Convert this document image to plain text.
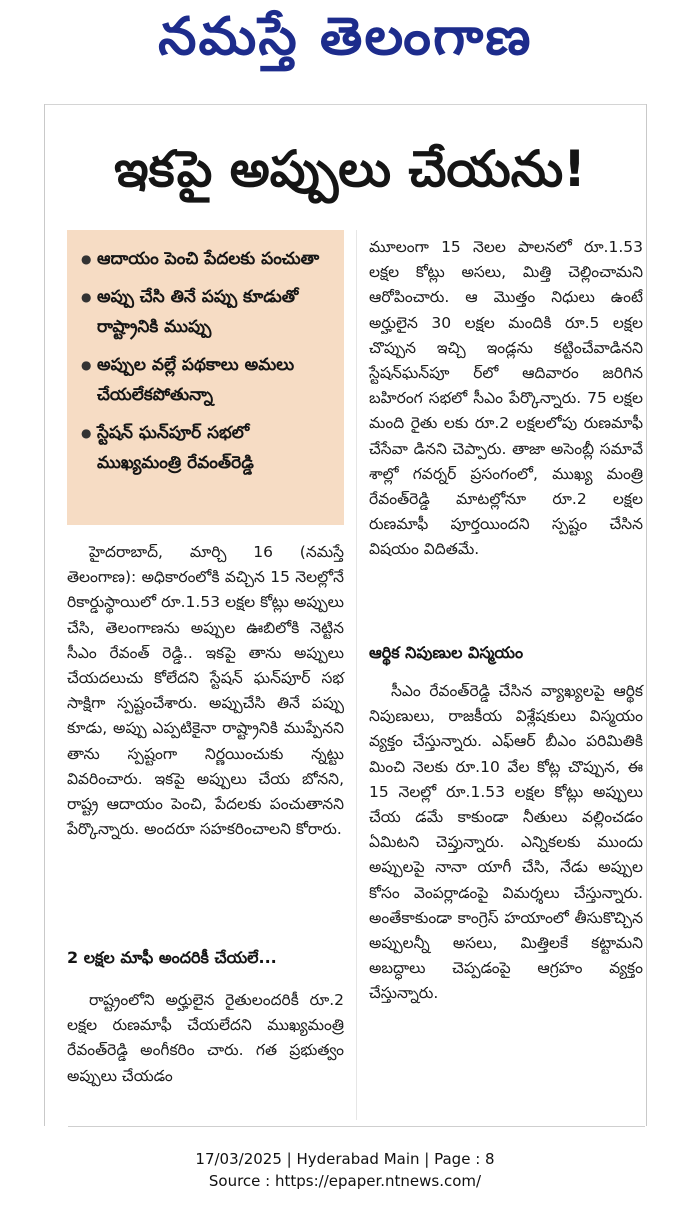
నమస్తే తెలంగాణ
ఇకపై అప్పులు చేయను!
● ఆదాయం పెంచి పేదలకు పంచుతా
● అప్పు చేసి తినే పప్పు కూడుతో రాష్ట్రానికి ముప్పు
● అప్పుల వల్లే పథకాలు అమలు చేయలేకపోతున్నా
● స్టేషన్ ఘన్‌పూర్ సభలో ముఖ్యమంత్రి రేవంత్‌రెడ్డి

హైదరాబాద్, మార్చి 16 (నమస్తే తెలంగాణ): అధికారంలోకి వచ్చిన 15 నెలల్లోనే రికార్డుస్థాయిలో రూ.1.53 లక్షల కోట్లు అప్పులు చేసి, తెలంగాణను అప్పుల ఊబిలోకి నెట్టిన సీఎం రేవంత్ రెడ్డి.. ఇకపై తాను అప్పులు చేయదలుచు కోలేదని స్టేషన్ ఘన్‌పూర్ సభ సాక్షిగా స్పష్టంచేశారు. అప్పుచేసి తినే పప్పు కూడు, అప్పు ఎప్పటికైనా రాష్ట్రానికి ముప్పేనని తాను స్పష్టంగా నిర్ణయించుకు న్నట్టు వివరించారు. ఇకపై అప్పులు చేయ బోనని, రాష్ట్ర ఆదాయం పెంచి, పేదలకు పంచుతానని పేర్కొన్నారు. అందరూ సహకరించాలని కోరారు.

2 లక్షల మాఫీ అందరికీ చేయలే...

రాష్ట్రంలోని అర్హులైన రైతులందరికీ రూ.2 లక్షల రుణమాఫీ చేయలేదని ముఖ్యమంత్రి రేవంత్‌రెడ్డి అంగీకరిం చారు. గత ప్రభుత్వం అప్పులు చేయడం

మూలంగా 15 నెలల పాలనలో రూ.1.53 లక్షల కోట్లు అసలు, మిత్తి చెల్లించామని ఆరోపించారు. ఆ మొత్తం నిధులు ఉంటే అర్హులైన 30 లక్షల మందికి రూ.5 లక్షల చొప్పున ఇచ్చి ఇండ్లను కట్టించేవాడినని స్టేషన్‌ఘన్‌పూ ర్‌లో ఆదివారం జరిగిన బహిరంగ సభలో సీఎం పేర్కొన్నారు. 75 లక్షల మంది రైతు లకు రూ.2 లక్షలలోపు రుణమాఫీ చేసేవా డినని చెప్పారు. తాజా అసెంబ్లీ సమావే శాల్లో గవర్నర్ ప్రసంగంలో, ముఖ్య మంత్రి రేవంత్‌రెడ్డి మాటల్లోనూ రూ.2 లక్షల రుణమాఫీ పూర్తయిందని స్పష్టం చేసిన విషయం విదితమే.

ఆర్థిక నిపుణుల విస్మయం

సీఎం రేవంత్‌రెడ్డి చేసిన వ్యాఖ్యలపై ఆర్థిక నిపుణులు, రాజకీయ విశ్లేషకులు విస్మయం వ్యక్తం చేస్తున్నారు. ఎఫ్‌ఆర్ బీఎం పరిమితికి మించి నెలకు రూ.10 వేల కోట్ల చొప్పున, ఈ 15 నెలల్లో రూ.1.53 లక్షల కోట్లు అప్పులు చేయ డమే కాకుండా నీతులు వల్లించడం ఏమిటని చెప్తున్నారు. ఎన్నికలకు ముందు అప్పులపై నానా యాగీ చేసి, నేడు అప్పుల కోసం వెంపర్లాడంపై విమర్శలు చేస్తున్నారు. అంతేకాకుండా కాంగ్రెస్ హయాంలో తీసుకొచ్చిన అప్పులన్నీ అసలు, మిత్తిలకే కట్టామని అబద్ధాలు చెప్పడంపై ఆగ్రహం వ్యక్తం చేస్తున్నారు.

17/03/2025 | Hyderabad Main | Page : 8
Source : https://epaper.ntnews.com/
